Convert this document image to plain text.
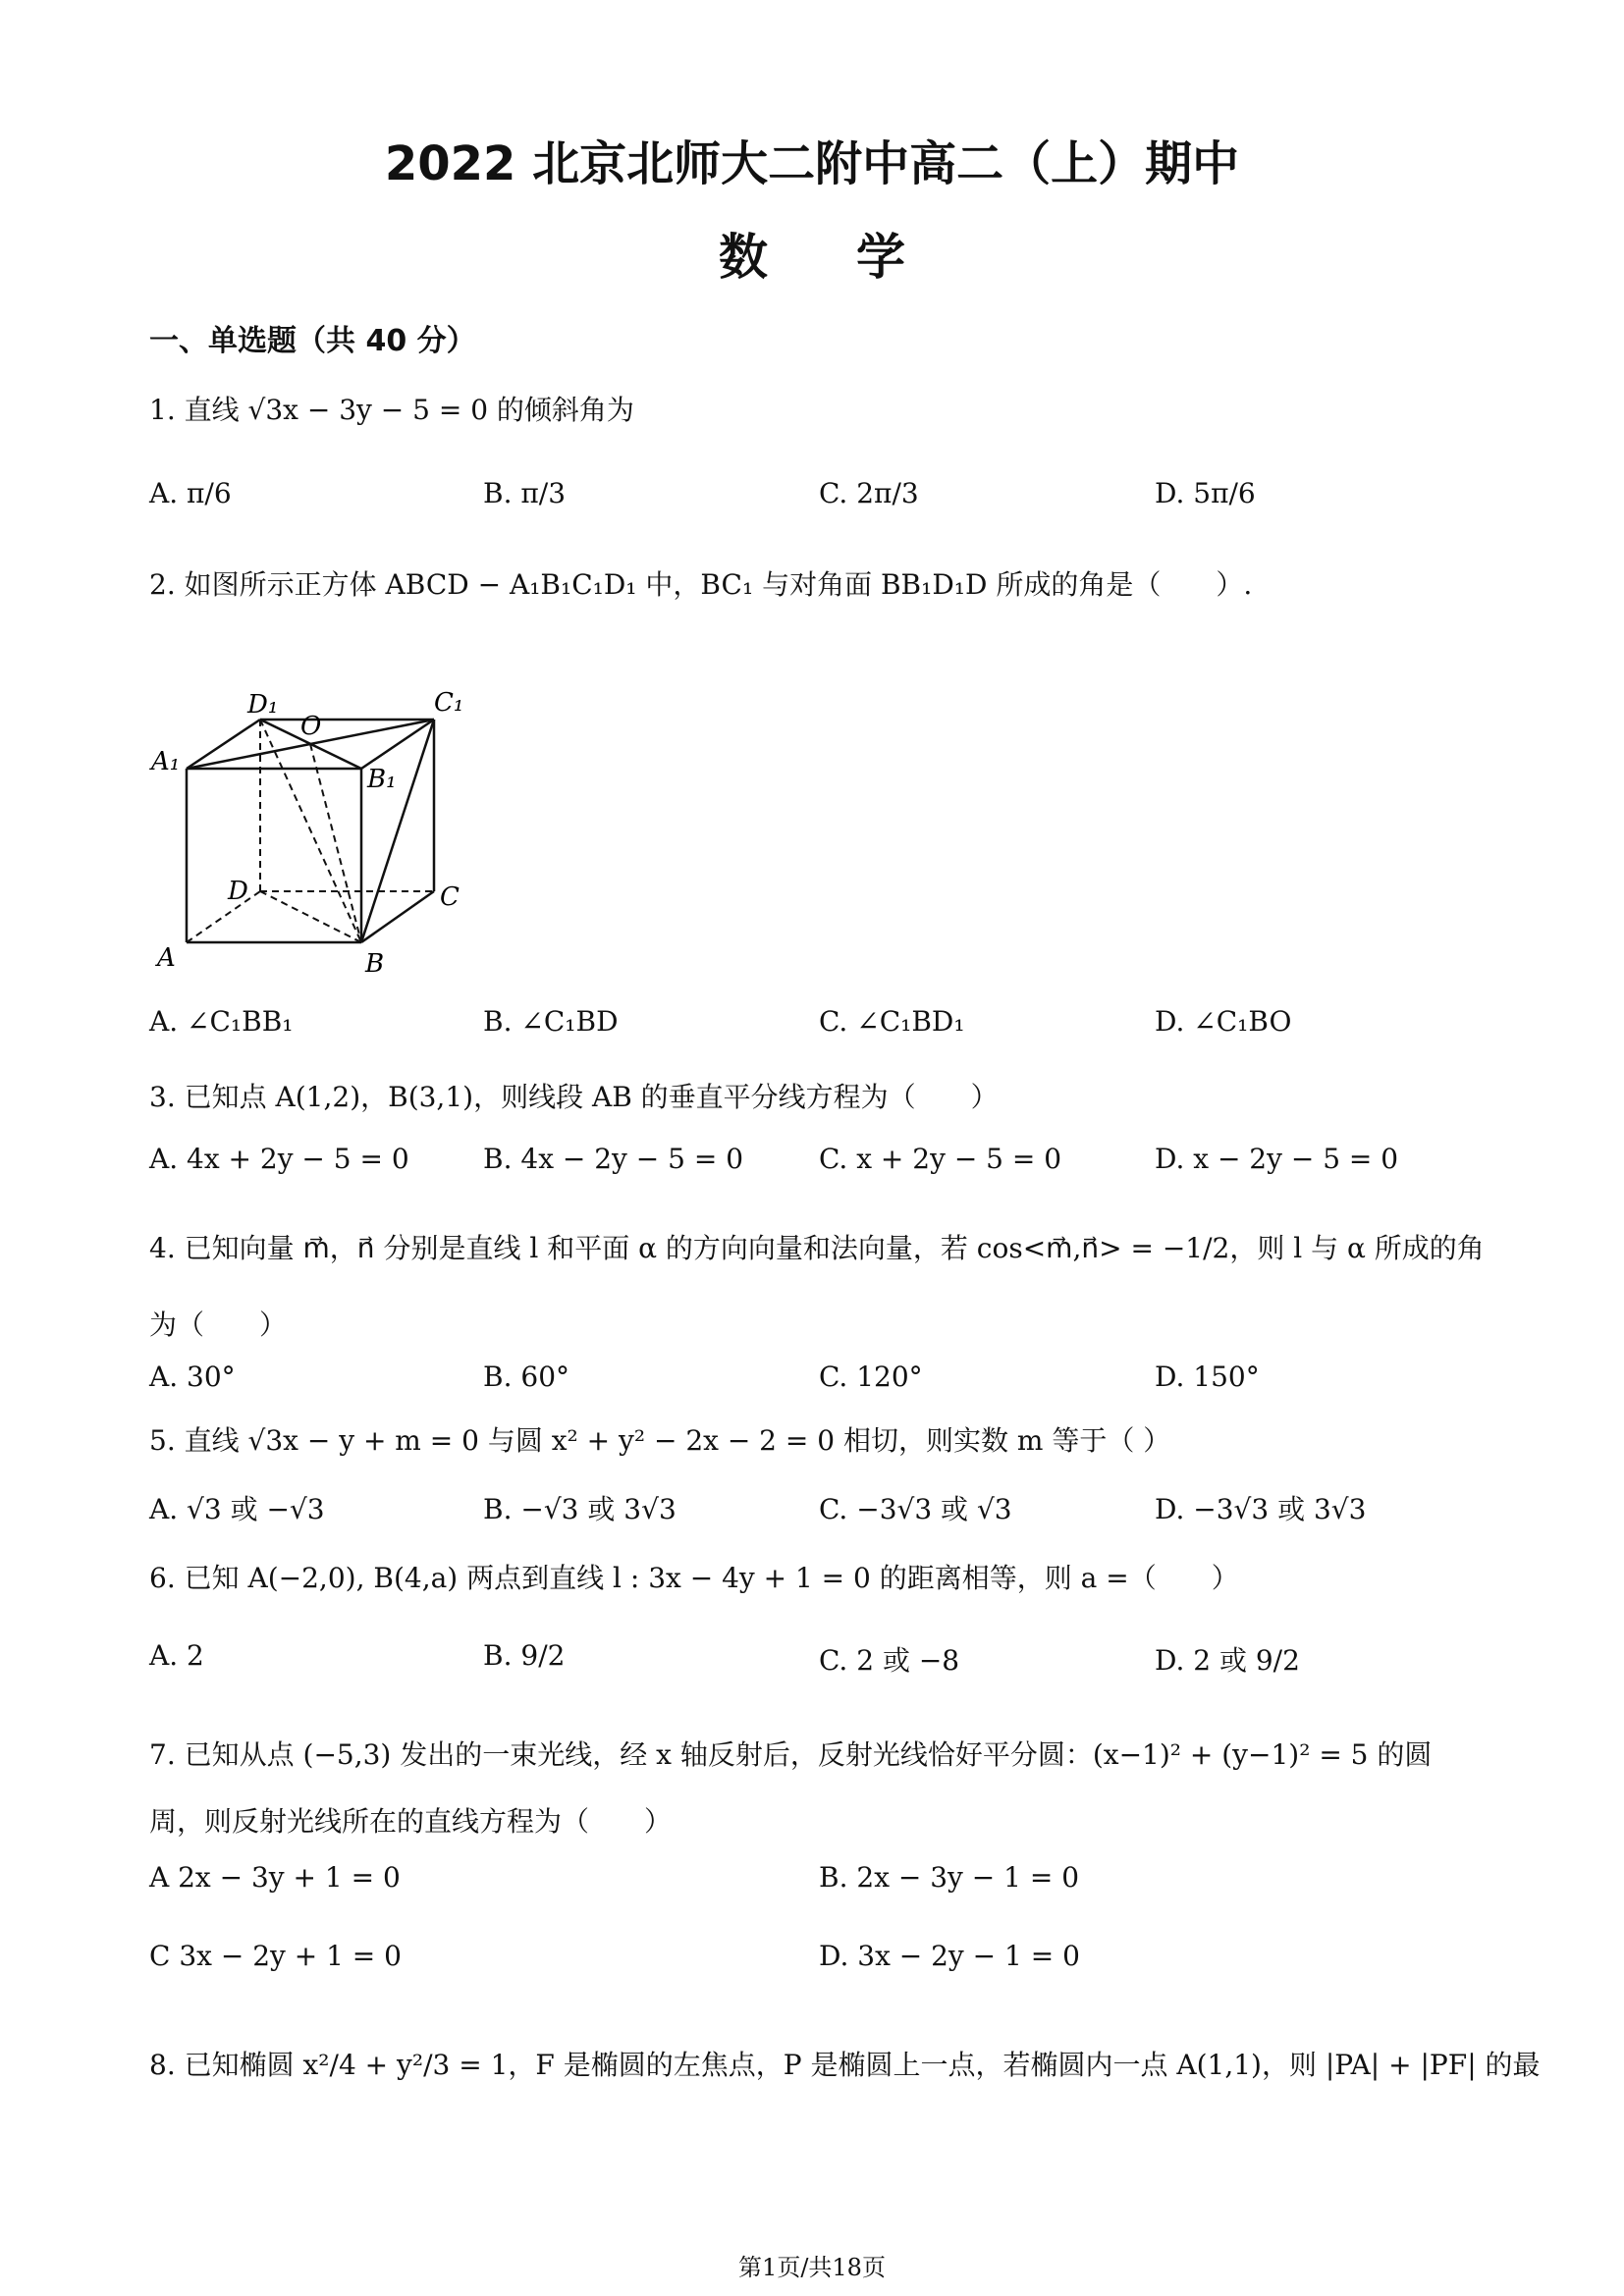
2022 北京北师大二附中高二（上）期中
数学
一、单选题（共 40 分）
1. 直线 √3x − 3y − 5 = 0 的倾斜角为
A. π/6	B. π/3	C. 2π/3	D. 5π/6
2. 如图所示正方体 ABCD − A₁B₁C₁D₁ 中，BC₁ 与对角面 BB₁D₁D 所成的角是（　　）.
D₁
O
C₁
A₁
B₁
D	C
A	B
A. ∠C₁BB₁	B. ∠C₁BD	C. ∠C₁BD₁	D. ∠C₁BO
3. 已知点 A(1,2)，B(3,1)，则线段 AB 的垂直平分线方程为（　　）
A. 4x + 2y − 5 = 0	B. 4x − 2y − 5 = 0	C. x + 2y − 5 = 0	D. x − 2y − 5 = 0
4. 已知向量 m⃗，n⃗ 分别是直线 l 和平面 α 的方向向量和法向量，若 cos<m⃗,n⃗> = −1/2，则 l 与 α 所成的角
为（　　）
A. 30°	B. 60°	C. 120°	D. 150°
5. 直线 √3x − y + m = 0 与圆 x² + y² − 2x − 2 = 0 相切，则实数 m 等于（ ）
A. √3 或 −√3	B. −√3 或 3√3	C. −3√3 或 √3	D. −3√3 或 3√3
6. 已知 A(−2,0), B(4,a) 两点到直线 l : 3x − 4y + 1 = 0 的距离相等，则 a =（　　）
A. 2	B. 9/2	C. 2 或 −8	D. 2 或 9/2
7. 已知从点 (−5,3) 发出的一束光线，经 x 轴反射后，反射光线恰好平分圆：(x−1)² + (y−1)² = 5 的圆
周，则反射光线所在的直线方程为（　　）
A 2x − 3y + 1 = 0	B. 2x − 3y − 1 = 0
C 3x − 2y + 1 = 0	D. 3x − 2y − 1 = 0
8. 已知椭圆 x²/4 + y²/3 = 1，F 是椭圆的左焦点，P 是椭圆上一点，若椭圆内一点 A(1,1)，则 |PA| + |PF| 的最
第1页/共18页
